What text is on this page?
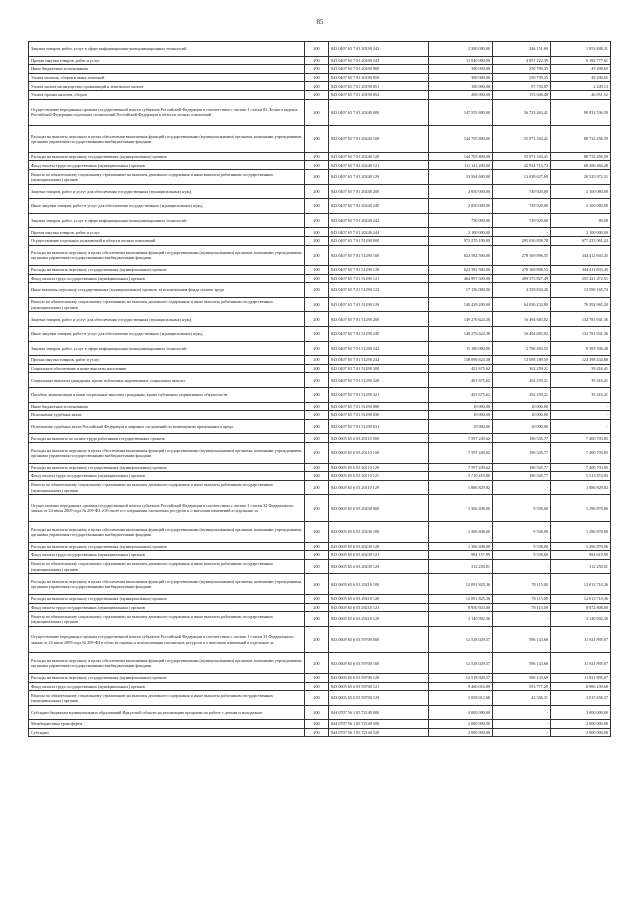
85
Закупка товаров, работ, услуг в сфере информационно-коммуникационных технологий	200	843 0407 65 7 01 20190 242	2 300 000,00	346 151,69	1 953 848,31
Прочая закупка товаров, работ и услуг	200	843 0407 65 7 01 20190 244	11 040 000,00	4 857 222,39	6 182 777,61
Иные бюджетные ассигнования	200	843 0407 65 7 01 20190 800	300 000,00	250 799,35	49 200,65
Уплата налогов, сборов и иных платежей	200	843 0407 65 7 01 20190 850	300 000,00	250 799,35	49 200,65
Уплата налога на имущество организаций и земельного налога	200	843 0407 65 7 01 20190 851	100 000,00	97 750,87	2 249,13
Уплата прочих налогов, сборов	200	843 0407 65 7 01 20190 852	200 000,00	153 048,48	46 951,52
Осуществление переданных органам государственной власти субъектов Российской Федерации в соответствии с частью 1 статьи 83 Лесного кодекса Российской Федерации отдельных полномочий Российской Федерации в области лесных отношений	200	843 0407 65 7 01 20240 000	147 555 800,00	56 723 263,41	90 832 536,59
Расходы на выплаты персоналу в целях обеспечения выполнения функций государственными (муниципальными) органами, казенными учреждениями, органами управления государственными внебюджетными фондами	200	843 0407 65 7 01 20240 100	144 705 800,00	55 973 343,41	88 732 456,59
Расходы на выплаты персоналу государственных (муниципальных) органов	200	843 0407 65 7 01 20240 120	144 705 800,00	55 973 343,41	88 732 456,59
Фонд оплаты труда государственных (муниципальных) органов	200	843 0407 65 7 01 20240 121	111 141 200,00	42 934 715,72	68 206 484,28
Взносы по обязательному социальному страхованию на выплаты денежного содержания и иные выплаты работникам государственных (муниципальных) органов	200	843 0407 65 7 01 20240 129	33 564 600,00	13 038 627,69	20 525 972,31
Закупка товаров, работ и услуг для обеспечения государственных (муниципальных) нужд	200	843 0407 65 7 01 20240 200	2 850 000,00	749 920,00	2 100 080,00
Иные закупки товаров, работ и услуг для обеспечения государственных (муниципальных) нужд	200	843 0407 65 7 01 20240 240	2 850 000,00	749 920,00	2 100 080,00
Закупка товаров, работ, услуг в сфере информационно-коммуникационных технологий	200	843 0407 65 7 01 20240 242	750 000,00	749 920,00	80,00
Прочая закупка товаров, работ и услуг	200	843 0407 65 7 01 20240 244	2 100 000,00	-	2 100 000,00
Осуществление отдельных полномочий в области лесных отношений	200	843 0407 65 7 01 51290 000	972 270 100,00	295 036 838,78	677 233 961,22
Расходы на выплаты персоналу в целях обеспечения выполнения функций государственными (муниципальными) органами, казенными учреждениями, органами управления государственными внебюджетными фондами	200	843 0407 65 7 01 51290 100	622 582 500,00	278 169 896,55	344 412 603,45
Расходы на выплаты персоналу государственных (муниципальных) органов	200	843 0407 65 7 01 51290 120	622 582 500,00	278 169 896,55	344 412 603,45
Фонд оплаты труда государственных (муниципальных) органов	200	843 0407 65 7 01 51290 121	464 997 300,00	209 575 827,49	255 421 472,51
Иные выплаты персоналу государственных (муниципальных) органов, за исключением фонда оплаты труда	200	843 0407 65 7 01 51290 122	17 156 000,00	4 559 834,26	12 596 165,74
Взносы по обязательному социальному страхованию на выплаты денежного содержания и иные выплаты работникам государственных (муниципальных) органов	200	843 0407 65 7 01 51290 129	140 429 200,00	64 036 234,80	76 392 965,20
Закупка товаров, работ и услуг для обеспечения государственных (муниципальных) нужд	200	843 0407 65 7 01 51290 200	149 276 624,38	16 494 683,02	132 781 941,36
Иные закупки товаров, работ и услуг для обеспечения государственных (муниципальных) нужд	200	843 0407 65 7 01 51290 240	149 276 624,38	16 494 683,02	132 781 941,36
Закупка товаров, работ, услуг в сфере информационно-коммуникационных технологий	200	843 0407 65 7 01 51290 242	11 180 000,00	2 796 493,52	8 383 506,48
Прочая закупка товаров, работ и услуг	200	843 0407 65 7 01 51290 244	138 096 624,38	13 698 189,50	124 398 434,88
Социальное обеспечение и иные выплаты населению	200	843 0407 65 7 01 51290 300	401 675,62	362 259,21	39 416,41
Социальные выплаты гражданам, кроме публичных нормативных социальных выплат	200	843 0407 65 7 01 51290 320	401 675,62	362 259,21	39 416,41
Пособия, компенсации и иные социальные выплаты гражданам, кроме публичных нормативных обязательств	200	843 0407 65 7 01 51290 321	401 675,62	362 259,21	39 416,41
Иные бюджетные ассигнования	200	843 0407 65 7 01 51290 800	10 000,00	10 000,00	-
Исполнение судебных актов	200	843 0407 65 7 01 51290 830	10 000,00	10 000,00	-
Исполнение судебных актов Российской Федерации и мировых соглашений по возмещению причиненного вреда	200	843 0407 65 7 01 51290 831	10 000,00	10 000,00	-
Расходы на выплаты по оплате труда работников государственных органов	200	843 0605 65 6 03 20110 000	7 597 249,62	196 545,77	7 400 703,85
Расходы на выплаты персоналу в целях обеспечения выполнения функций государственными (муниципальными) органами, казенными учреждениями, органами управления государственными внебюджетными фондами	200	843 0605 65 6 03 20110 100	7 597 249,62	196 545,77	7 400 703,85
Расходы на выплаты персоналу государственных (муниципальных) органов	200	843 0605 65 6 03 20110 120	7 597 249,62	196 545,77	7 400 703,85
Фонд оплаты труда государственных (муниципальных) органов	200	843 0605 65 6 03 20110 121	5 710 419,80	196 545,77	5 513 874,03
Взносы по обязательному социальному страхованию на выплаты денежного содержания и иные выплаты работникам государственных (муниципальных) органов	200	843 0605 65 6 03 20110 129	1 886 829,82	-	1 886 829,82
Осуществление переданных органам государственной власти субъектов Российской Федерации в соответствии с частью 1 статьи 33 Федерального закона от 24 июля 2009 года № 209-ФЗ «Об охоте и о сохранении охотничьих ресурсов и о внесении изменений в отдельные за	200	843 0605 65 6 03 20230 000	1 306 408,00	9 538,00	1 296 870,00
Расходы на выплаты персоналу в целях обеспечения выполнения функций государственными (муниципальными) органами, казенными учреждениями, органами управления государственными внебюджетными фондами	200	843 0605 65 6 03 20230 100	1 306 408,00	9 538,00	1 296 870,00
Расходы на выплаты персоналу государственных (муниципальных) органов	200	843 0605 65 6 03 20230 120	1 306 408,00	9 538,00	1 296 870,00
Фонд оплаты труда государственных (муниципальных) органов	200	843 0605 65 6 03 20230 121	994 157,99	9 538,00	984 619,99
Взносы по обязательному социальному страхованию на выплаты денежного содержания и иные выплаты работникам государственных (муниципальных) органов	200	843 0605 65 6 03 20230 129	312 250,01	-	312 250,01
Расходы на выплаты персоналу в целях обеспечения выполнения функций государственными (муниципальными) органами, казенными учреждениями, органами управления государственными внебюджетными фондами	200	843 0605 65 6 03 29210 100	12 091 825,36	78 115,00	12 013 710,36
Расходы на выплаты персоналу государственных (муниципальных) органов	200	843 0605 65 6 03 29210 120	12 091 825,36	78 115,00	12 013 710,36
Фонд оплаты труда государственных (муниципальных) органов	200	843 0605 65 6 03 29210 121	8 950 923,00	78 115,00	8 872 808,00
Взносы по обязательному социальному страхованию на выплаты денежного содержания и иные выплаты работникам государственных (муниципальных) органов	200	843 0605 65 6 03 29210 129	3 140 902,36	-	3 140 902,36
Осуществление переданных органам государственной власти субъектов Российской Федерации в соответствии с частью 1 статьи 33 Федерального закона от 24 июля 2009 года № 209-ФЗ в области охраны и использования охотничьих ресурсов и о внесении изменений в отдельные за	200	843 0605 65 6 03 59700 000	12 518 029,57	596 133,60	11 921 895,97
Расходы на выплаты персоналу в целях обеспечения выполнения функций государственными (муниципальными) органами, казенными учреждениями, органами управления государственными внебюджетными фондами	200	843 0605 65 6 03 59700 100	12 518 029,57	596 133,60	11 921 895,97
Расходы на выплаты персоналу государственных (муниципальных) органов	200	843 0605 65 6 03 59700 120	12 518 029,57	596 133,60	11 921 895,97
Фонд оплаты труда государственных (муниципальных) органов	200	843 0605 65 6 03 59700 121	9 460 016,89	553 777,29	8 906 239,60
Взносы по обязательному социальному страхованию на выплаты денежного содержания и иные выплаты работникам государственных (муниципальных) органов	200	843 0605 65 6 03 59700 129	3 058 012,68	42 356,31	3 015 656,37
Субсидии бюджетам муниципальных образований Иркутской области на реализацию программ по работе с детьми и молодежью	200	844 0707 56 1 05 72140 000	2 000 000,00	-	2 000 000,00
Межбюджетные трансферты	200	844 0707 56 1 05 72140 500	2 000 000,00	-	2 000 000,00
Субсидии	200	844 0707 56 1 05 72140 520	2 000 000,00	-	2 000 000,00
